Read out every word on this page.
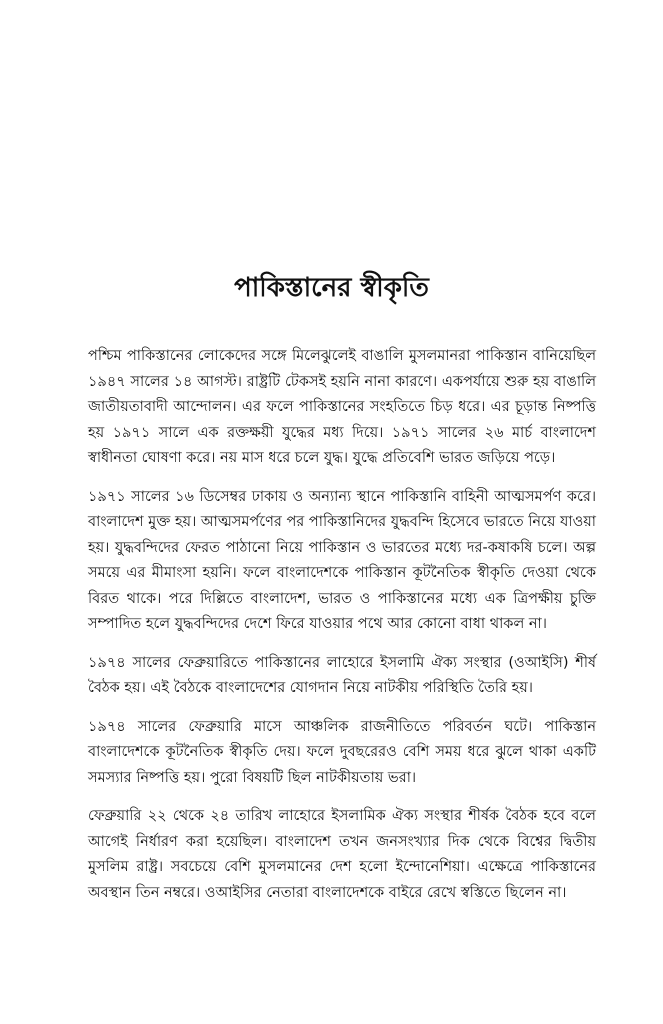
পাকিস্তানের স্বীকৃতি

পশ্চিম পাকিস্তানের লোকেদের সঙ্গে মিলেঝুলেই বাঙালি মুসলমানরা পাকিস্তান বানিয়েছিল ১৯৪৭ সালের ১৪ আগস্ট। রাষ্ট্রটি টেকসই হয়নি নানা কারণে। একপর্যায়ে শুরু হয় বাঙালি জাতীয়তাবাদী আন্দোলন। এর ফলে পাকিস্তানের সংহতিতে চিড় ধরে। এর চূড়ান্ত নিষ্পত্তি হয় ১৯৭১ সালে এক রক্তক্ষয়ী যুদ্ধের মধ্য দিয়ে। ১৯৭১ সালের ২৬ মার্চ বাংলাদেশ স্বাধীনতা ঘোষণা করে। নয় মাস ধরে চলে যুদ্ধ। যুদ্ধে প্রতিবেশি ভারত জড়িয়ে পড়ে।

১৯৭১ সালের ১৬ ডিসেম্বর ঢাকায় ও অন্যান্য স্থানে পাকিস্তানি বাহিনী আত্মসমর্পণ করে। বাংলাদেশ মুক্ত হয়। আত্মসমর্পণের পর পাকিস্তানিদের যুদ্ধবন্দি হিসেবে ভারতে নিয়ে যাওয়া হয়। যুদ্ধবন্দিদের ফেরত পাঠানো নিয়ে পাকিস্তান ও ভারতের মধ্যে দর-কষাকষি চলে। অল্প সময়ে এর মীমাংসা হয়নি। ফলে বাংলাদেশকে পাকিস্তান কূটনৈতিক স্বীকৃতি দেওয়া থেকে বিরত থাকে। পরে দিল্লিতে বাংলাদেশ, ভারত ও পাকিস্তানের মধ্যে এক ত্রিপক্ষীয় চুক্তি সম্পাদিত হলে যুদ্ধবন্দিদের দেশে ফিরে যাওয়ার পথে আর কোনো বাধা থাকল না।

১৯৭৪ সালের ফেব্রুয়ারিতে পাকিস্তানের লাহোরে ইসলামি ঐক্য সংস্থার (ওআইসি) শীর্ষ বৈঠক হয়। এই বৈঠকে বাংলাদেশের যোগদান নিয়ে নাটকীয় পরিস্থিতি তৈরি হয়।

১৯৭৪ সালের ফেব্রুয়ারি মাসে আঞ্চলিক রাজনীতিতে পরিবর্তন ঘটে। পাকিস্তান বাংলাদেশকে কূটনৈতিক স্বীকৃতি দেয়। ফলে দুবছরেরও বেশি সময় ধরে ঝুলে থাকা একটি সমস্যার নিষ্পত্তি হয়। পুরো বিষয়টি ছিল নাটকীয়তায় ভরা।

ফেব্রুয়ারি ২২ থেকে ২৪ তারিখ লাহোরে ইসলামিক ঐক্য সংস্থার শীর্ষক বৈঠক হবে বলে আগেই নির্ধারণ করা হয়েছিল। বাংলাদেশ তখন জনসংখ্যার দিক থেকে বিশ্বের দ্বিতীয় মুসলিম রাষ্ট্র। সবচেয়ে বেশি মুসলমানের দেশ হলো ইন্দোনেশিয়া। এক্ষেত্রে পাকিস্তানের অবস্থান তিন নম্বরে। ওআইসির নেতারা বাংলাদেশকে বাইরে রেখে স্বস্তিতে ছিলেন না।
